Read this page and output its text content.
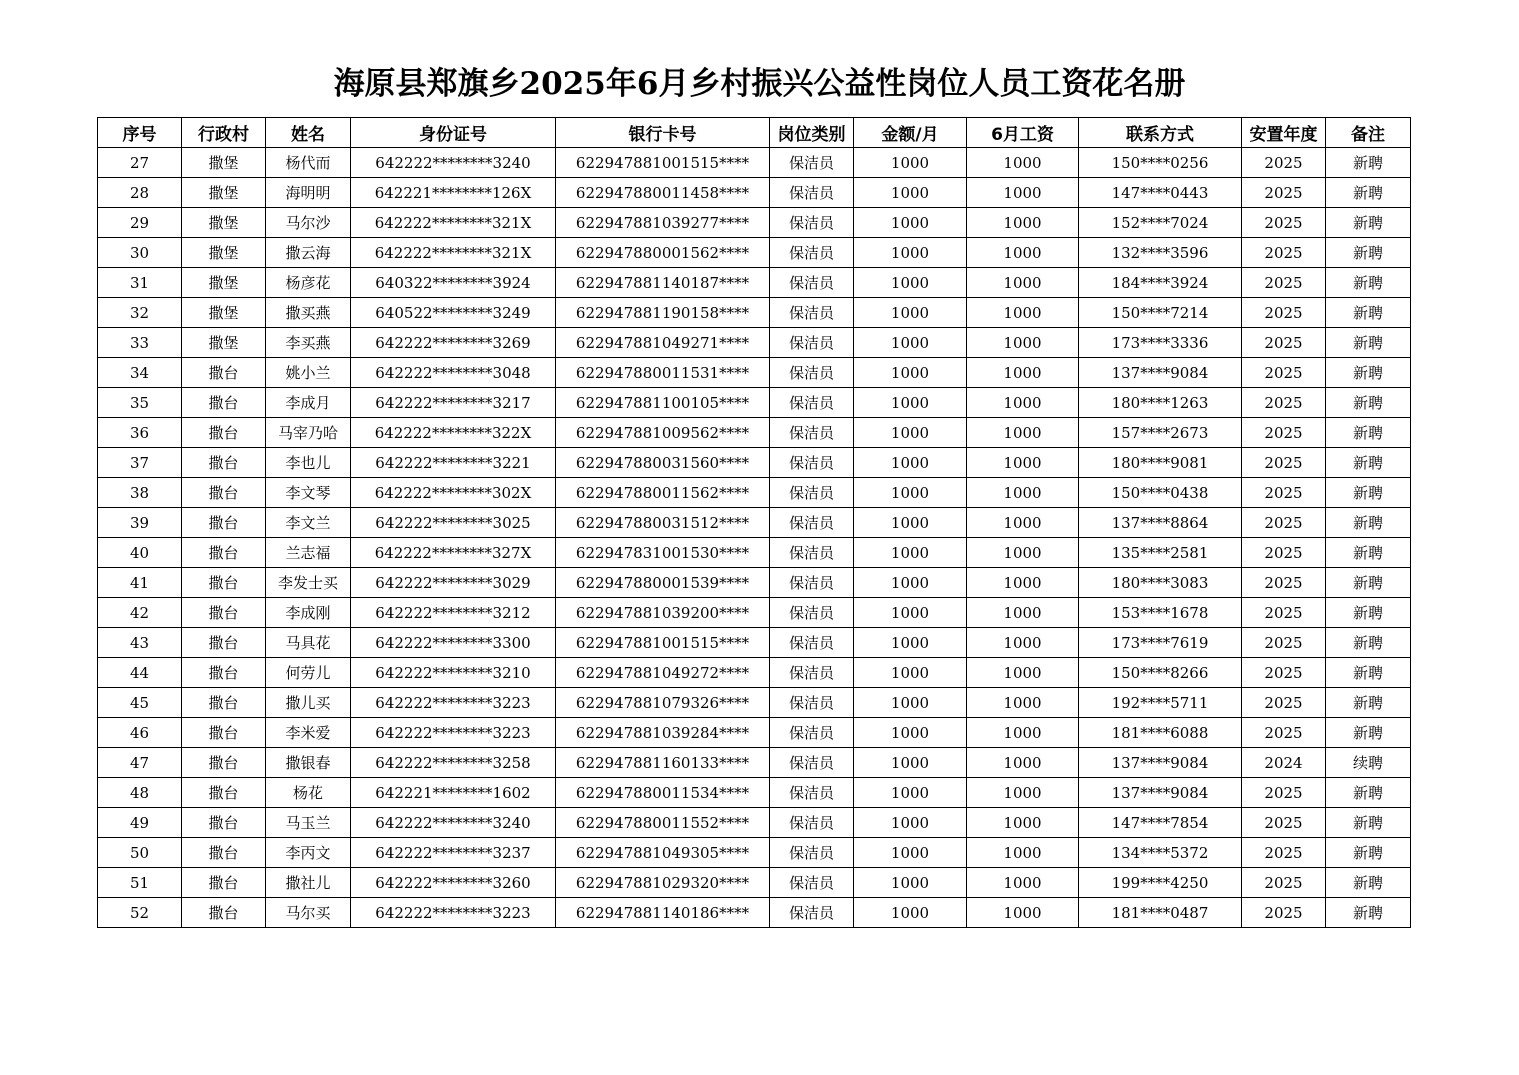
海原县郑旗乡2025年6月乡村振兴公益性岗位人员工资花名册
序号	行政村	姓名	身份证号	银行卡号	岗位类别	金额/月	6月工资	联系方式	安置年度	备注
27	撒堡	杨代而	642222********3240	622947881001515****	保洁员	1000	1000	150****0256	2025	新聘
28	撒堡	海明明	642221********126X	622947880011458****	保洁员	1000	1000	147****0443	2025	新聘
29	撒堡	马尔沙	642222********321X	622947881039277****	保洁员	1000	1000	152****7024	2025	新聘
30	撒堡	撒云海	642222********321X	622947880001562****	保洁员	1000	1000	132****3596	2025	新聘
31	撒堡	杨彦花	640322********3924	622947881140187****	保洁员	1000	1000	184****3924	2025	新聘
32	撒堡	撒买燕	640522********3249	622947881190158****	保洁员	1000	1000	150****7214	2025	新聘
33	撒堡	李买燕	642222********3269	622947881049271****	保洁员	1000	1000	173****3336	2025	新聘
34	撒台	姚小兰	642222********3048	622947880011531****	保洁员	1000	1000	137****9084	2025	新聘
35	撒台	李成月	642222********3217	622947881100105****	保洁员	1000	1000	180****1263	2025	新聘
36	撒台	马宰乃哈	642222********322X	622947881009562****	保洁员	1000	1000	157****2673	2025	新聘
37	撒台	李也儿	642222********3221	622947880031560****	保洁员	1000	1000	180****9081	2025	新聘
38	撒台	李文琴	642222********302X	622947880011562****	保洁员	1000	1000	150****0438	2025	新聘
39	撒台	李文兰	642222********3025	622947880031512****	保洁员	1000	1000	137****8864	2025	新聘
40	撒台	兰志福	642222********327X	622947831001530****	保洁员	1000	1000	135****2581	2025	新聘
41	撒台	李发士买	642222********3029	622947880001539****	保洁员	1000	1000	180****3083	2025	新聘
42	撒台	李成刚	642222********3212	622947881039200****	保洁员	1000	1000	153****1678	2025	新聘
43	撒台	马具花	642222********3300	622947881001515****	保洁员	1000	1000	173****7619	2025	新聘
44	撒台	何劳儿	642222********3210	622947881049272****	保洁员	1000	1000	150****8266	2025	新聘
45	撒台	撒儿买	642222********3223	622947881079326****	保洁员	1000	1000	192****5711	2025	新聘
46	撒台	李米爱	642222********3223	622947881039284****	保洁员	1000	1000	181****6088	2025	新聘
47	撒台	撒银春	642222********3258	622947881160133****	保洁员	1000	1000	137****9084	2024	续聘
48	撒台	杨花	642221********1602	622947880011534****	保洁员	1000	1000	137****9084	2025	新聘
49	撒台	马玉兰	642222********3240	622947880011552****	保洁员	1000	1000	147****7854	2025	新聘
50	撒台	李丙文	642222********3237	622947881049305****	保洁员	1000	1000	134****5372	2025	新聘
51	撒台	撒社儿	642222********3260	622947881029320****	保洁员	1000	1000	199****4250	2025	新聘
52	撒台	马尔买	642222********3223	622947881140186****	保洁员	1000	1000	181****0487	2025	新聘
